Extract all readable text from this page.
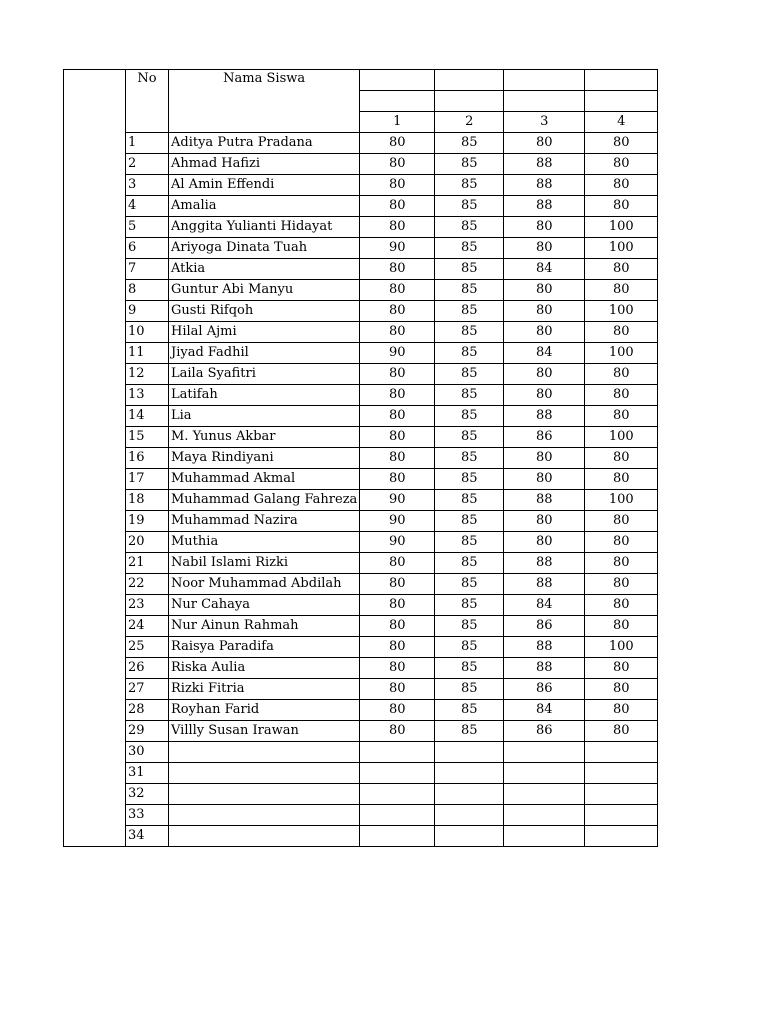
	No	Nama Siswa				

			1	2	3	4
	1	Aditya Putra Pradana	80	85	80	80
	2	Ahmad Hafizi	80	85	88	80
	3	Al Amin Effendi	80	85	88	80
	4	Amalia	80	85	88	80
	5	Anggita Yulianti Hidayat	80	85	80	100
	6	Ariyoga Dinata Tuah	90	85	80	100
	7	Atkia	80	85	84	80
	8	Guntur Abi Manyu	80	85	80	80
	9	Gusti Rifqoh	80	85	80	100
	10	Hilal Ajmi	80	85	80	80
	11	Jiyad Fadhil	90	85	84	100
	12	Laila Syafitri	80	85	80	80
	13	Latifah	80	85	80	80
	14	Lia	80	85	88	80
	15	M. Yunus Akbar	80	85	86	100
	16	Maya Rindiyani	80	85	80	80
	17	Muhammad Akmal	80	85	80	80
	18	Muhammad Galang Fahreza	90	85	88	100
	19	Muhammad Nazira	90	85	80	80
	20	Muthia	90	85	80	80
	21	Nabil Islami Rizki	80	85	88	80
	22	Noor Muhammad Abdilah	80	85	88	80
	23	Nur Cahaya	80	85	84	80
	24	Nur Ainun Rahmah	80	85	86	80
	25	Raisya Paradifa	80	85	88	100
	26	Riska Aulia	80	85	88	80
	27	Rizki Fitria	80	85	86	80
	28	Royhan Farid	80	85	84	80
	29	Villly Susan Irawan	80	85	86	80
	30					
	31					
	32					
	33					
	34					
